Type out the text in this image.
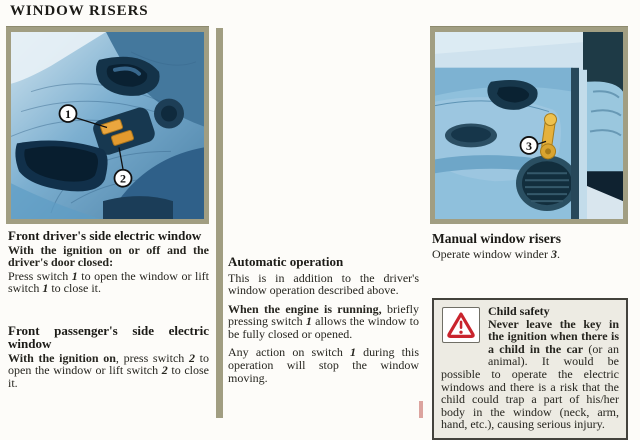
WINDOW RISERS
1
2
3
Front driver's side electric window

With the ignition on or off and the driver's door closed:

Press switch 1 to open the window or lift switch 1 to close it.

Front passenger's side electric window

With the ignition on, press switch 2 to open the window or lift switch 2 to close it.

Automatic operation

This is in addition to the driver's window operation described above.

When the engine is running, briefly pressing switch 1 allows the window to be fully closed or opened.

Any action on switch 1 during this operation will stop the window moving.

Manual window risers

Operate window winder 3.

Child safety

Never leave the key in the ignition when there is a child in the car (or an animal). It would be possible to operate the electric windows and there is a risk that the child could trap a part of his/her body in the window (neck, arm, hand, etc.), causing serious injury.
